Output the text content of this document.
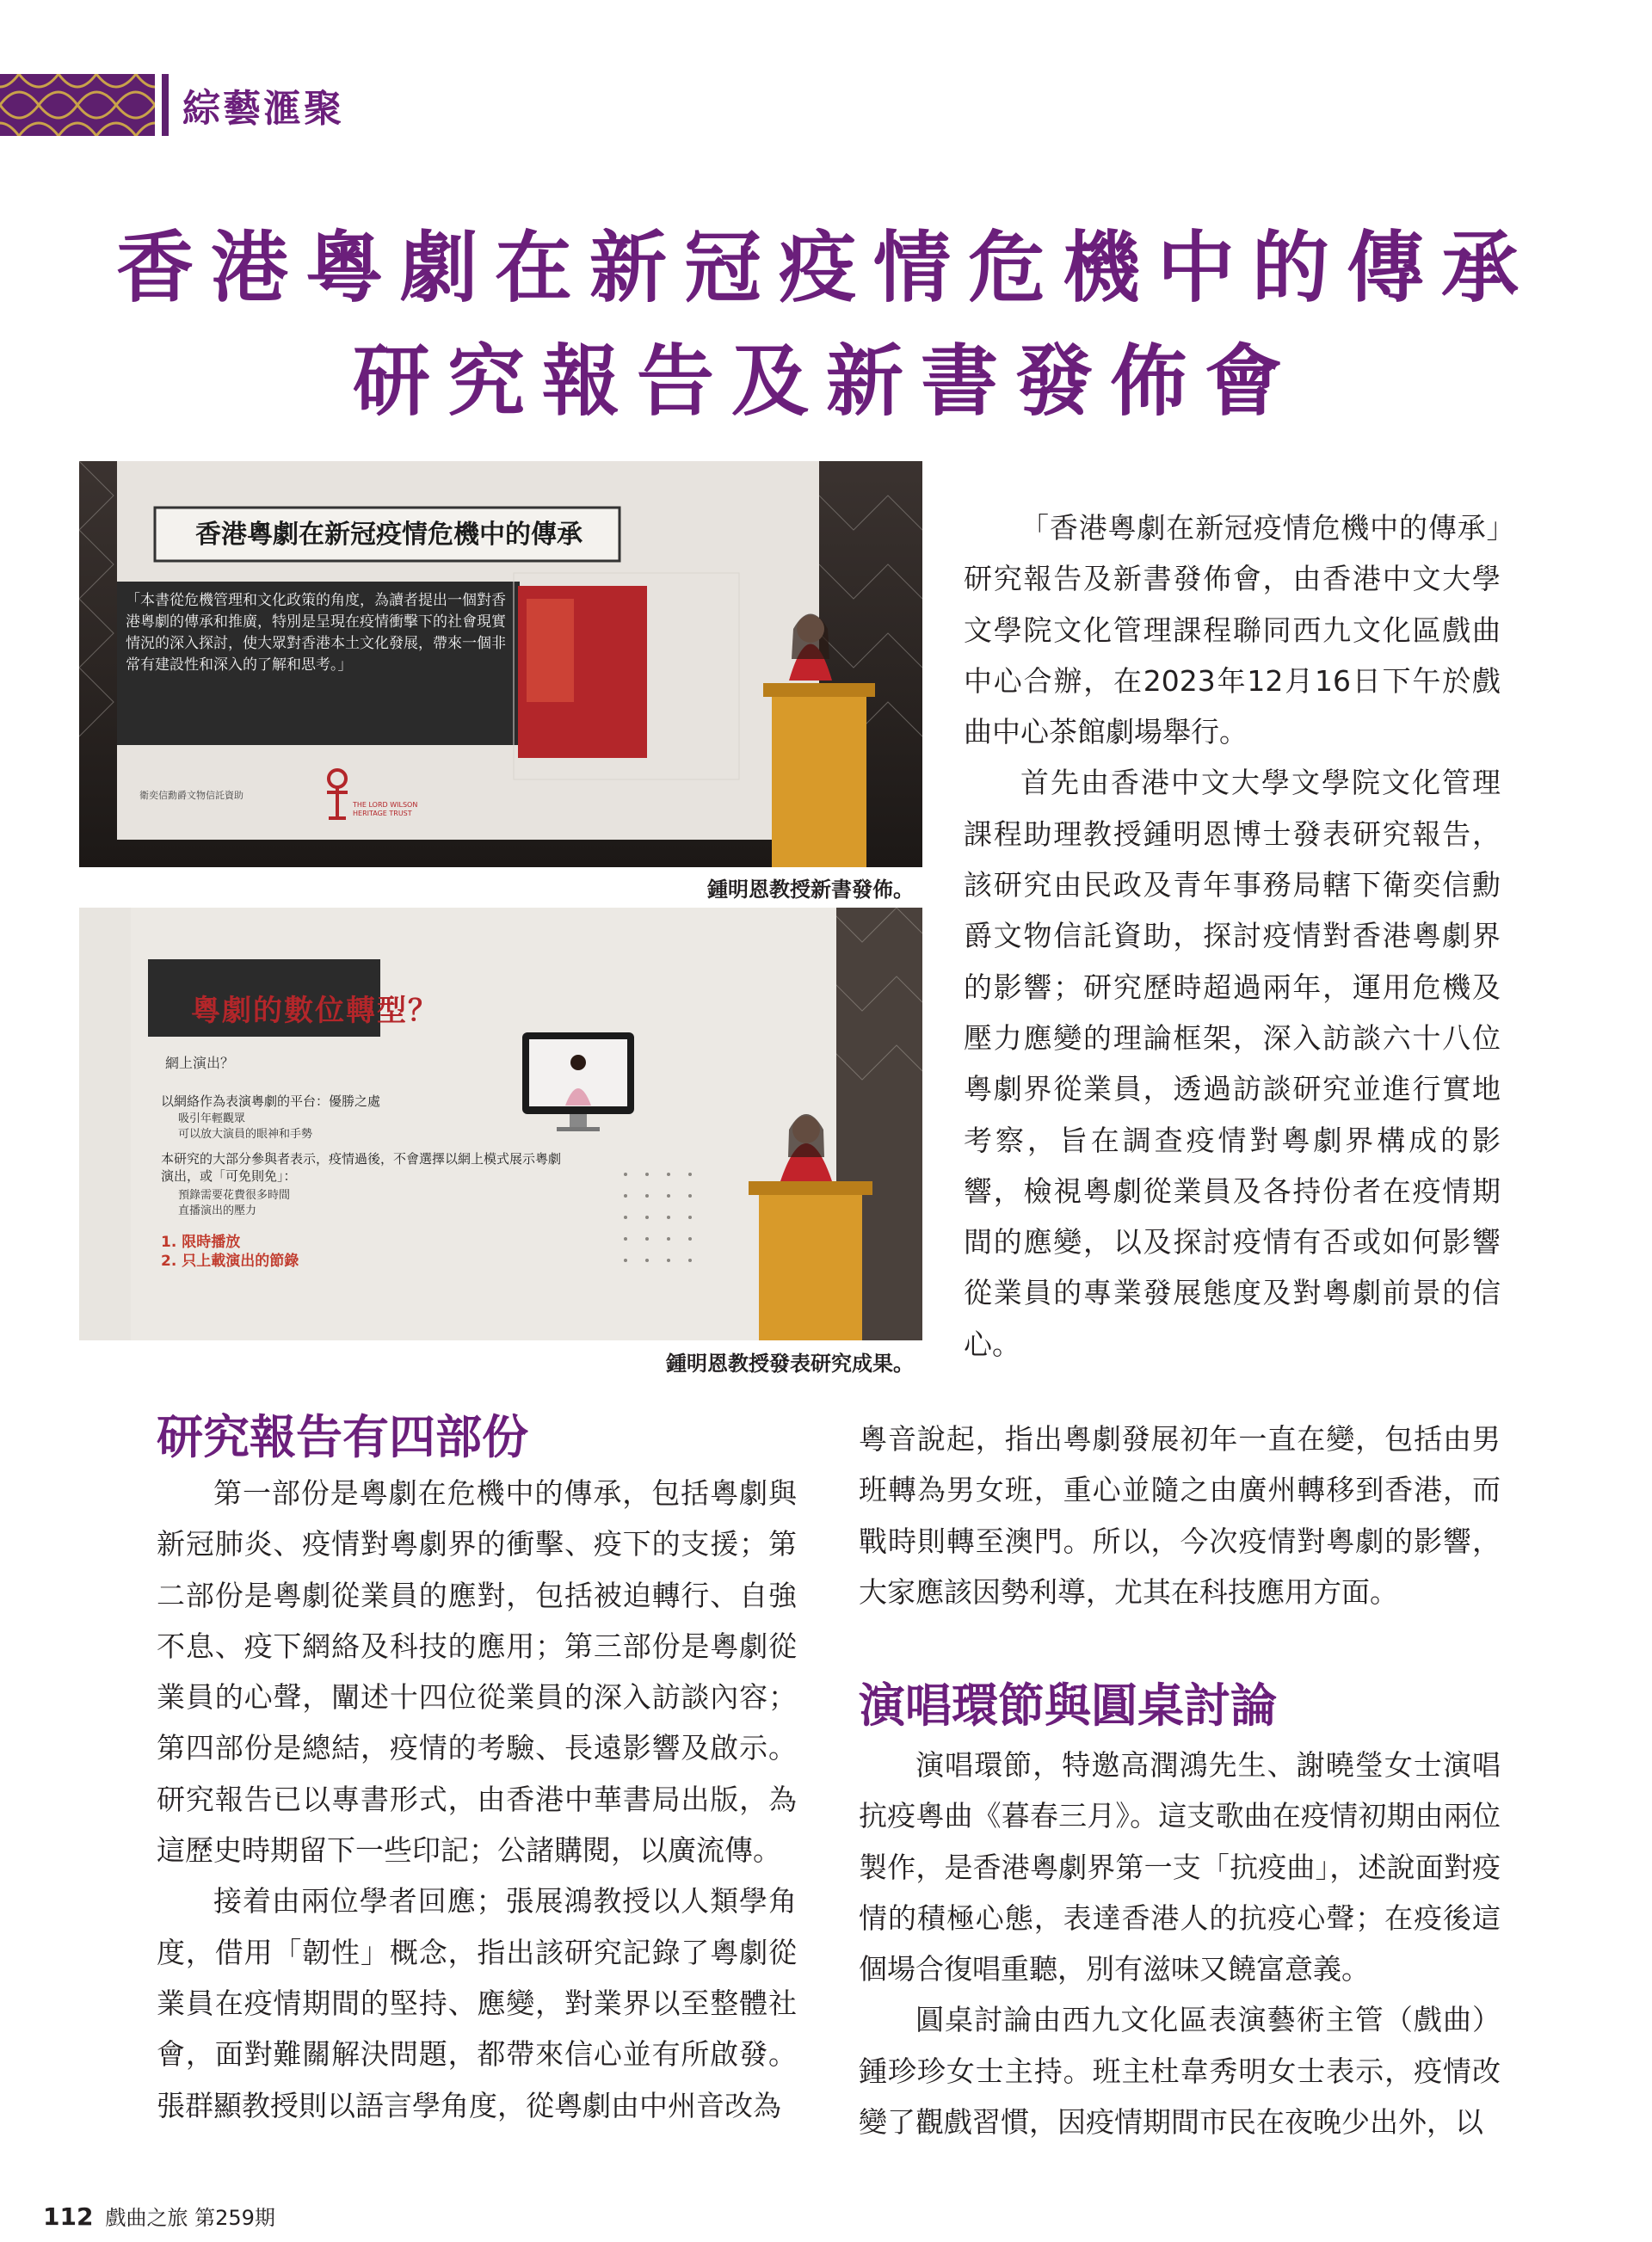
綜藝滙聚
香港粵劇在新冠疫情危機中的傳承
研究報告及新書發佈會
香港粵劇在新冠疫情危機中的傳承
「本書從危機管理和文化政策的角度，為讀者提出一個對香港粵劇的傳承和推廣，特別是呈現在疫情衝擊下的社會現實情況的深入探討，使大眾對香港本土文化發展，帶來一個非常有建設性和深入的了解和思考。」
衛奕信勳爵文物信託資助
THE LORD WILSON HERITAGE TRUST
鍾明恩教授新書發佈。
粵劇的數位轉型？
網上演出？
以網絡作為表演粵劇的平台：優勝之處
吸引年輕觀眾
可以放大演員的眼神和手勢
本研究的大部分參與者表示，疫情過後，不會選擇以網上模式展示粵劇演出，或「可免則免」：
預錄需要花費很多時間
直播演出的壓力
1. 限時播放
2. 只上載演出的節錄
鍾明恩教授發表研究成果。

「香港粵劇在新冠疫情危機中的傳承」研究報告及新書發佈會，由香港中文大學文學院文化管理課程聯同西九文化區戲曲中心合辦，在2023年12月16日下午於戲曲中心茶館劇場舉行。

首先由香港中文大學文學院文化管理課程助理教授鍾明恩博士發表研究報告，該研究由民政及青年事務局轄下衛奕信勳爵文物信託資助，探討疫情對香港粵劇界的影響；研究歷時超過兩年，運用危機及壓力應變的理論框架，深入訪談六十八位粵劇界從業員，透過訪談研究並進行實地考察，旨在調查疫情對粵劇界構成的影響，檢視粵劇從業員及各持份者在疫情期間的應變，以及探討疫情有否或如何影響從業員的專業發展態度及對粵劇前景的信心。

研究報告有四部份

第一部份是粵劇在危機中的傳承，包括粵劇與新冠肺炎、疫情對粵劇界的衝擊、疫下的支援；第二部份是粵劇從業員的應對，包括被迫轉行、自強不息、疫下網絡及科技的應用；第三部份是粵劇從業員的心聲，闡述十四位從業員的深入訪談內容；第四部份是總結，疫情的考驗、長遠影響及啟示。研究報告已以專書形式，由香港中華書局出版，為這歷史時期留下一些印記；公諸購閱，以廣流傳。

接着由兩位學者回應；張展鴻教授以人類學角度，借用「韌性」概念，指出該研究記錄了粵劇從業員在疫情期間的堅持、應變，對業界以至整體社會，面對難關解決問題，都帶來信心並有所啟發。張群顯教授則以語言學角度，從粵劇由中州音改為

粵音說起，指出粵劇發展初年一直在變，包括由男班轉為男女班，重心並隨之由廣州轉移到香港，而戰時則轉至澳門。所以，今次疫情對粵劇的影響，大家應該因勢利導，尤其在科技應用方面。

演唱環節與圓桌討論

演唱環節，特邀高潤鴻先生、謝曉瑩女士演唱抗疫粵曲《暮春三月》。這支歌曲在疫情初期由兩位製作，是香港粵劇界第一支「抗疫曲」，述說面對疫情的積極心態，表達香港人的抗疫心聲；在疫後這個場合復唱重聽，別有滋味又饒富意義。

圓桌討論由西九文化區表演藝術主管（戲曲）鍾珍珍女士主持。班主杜韋秀明女士表示，疫情改變了觀戲習慣，因疫情期間市民在夜晚少出外，以

112 戲曲之旅 第259期
